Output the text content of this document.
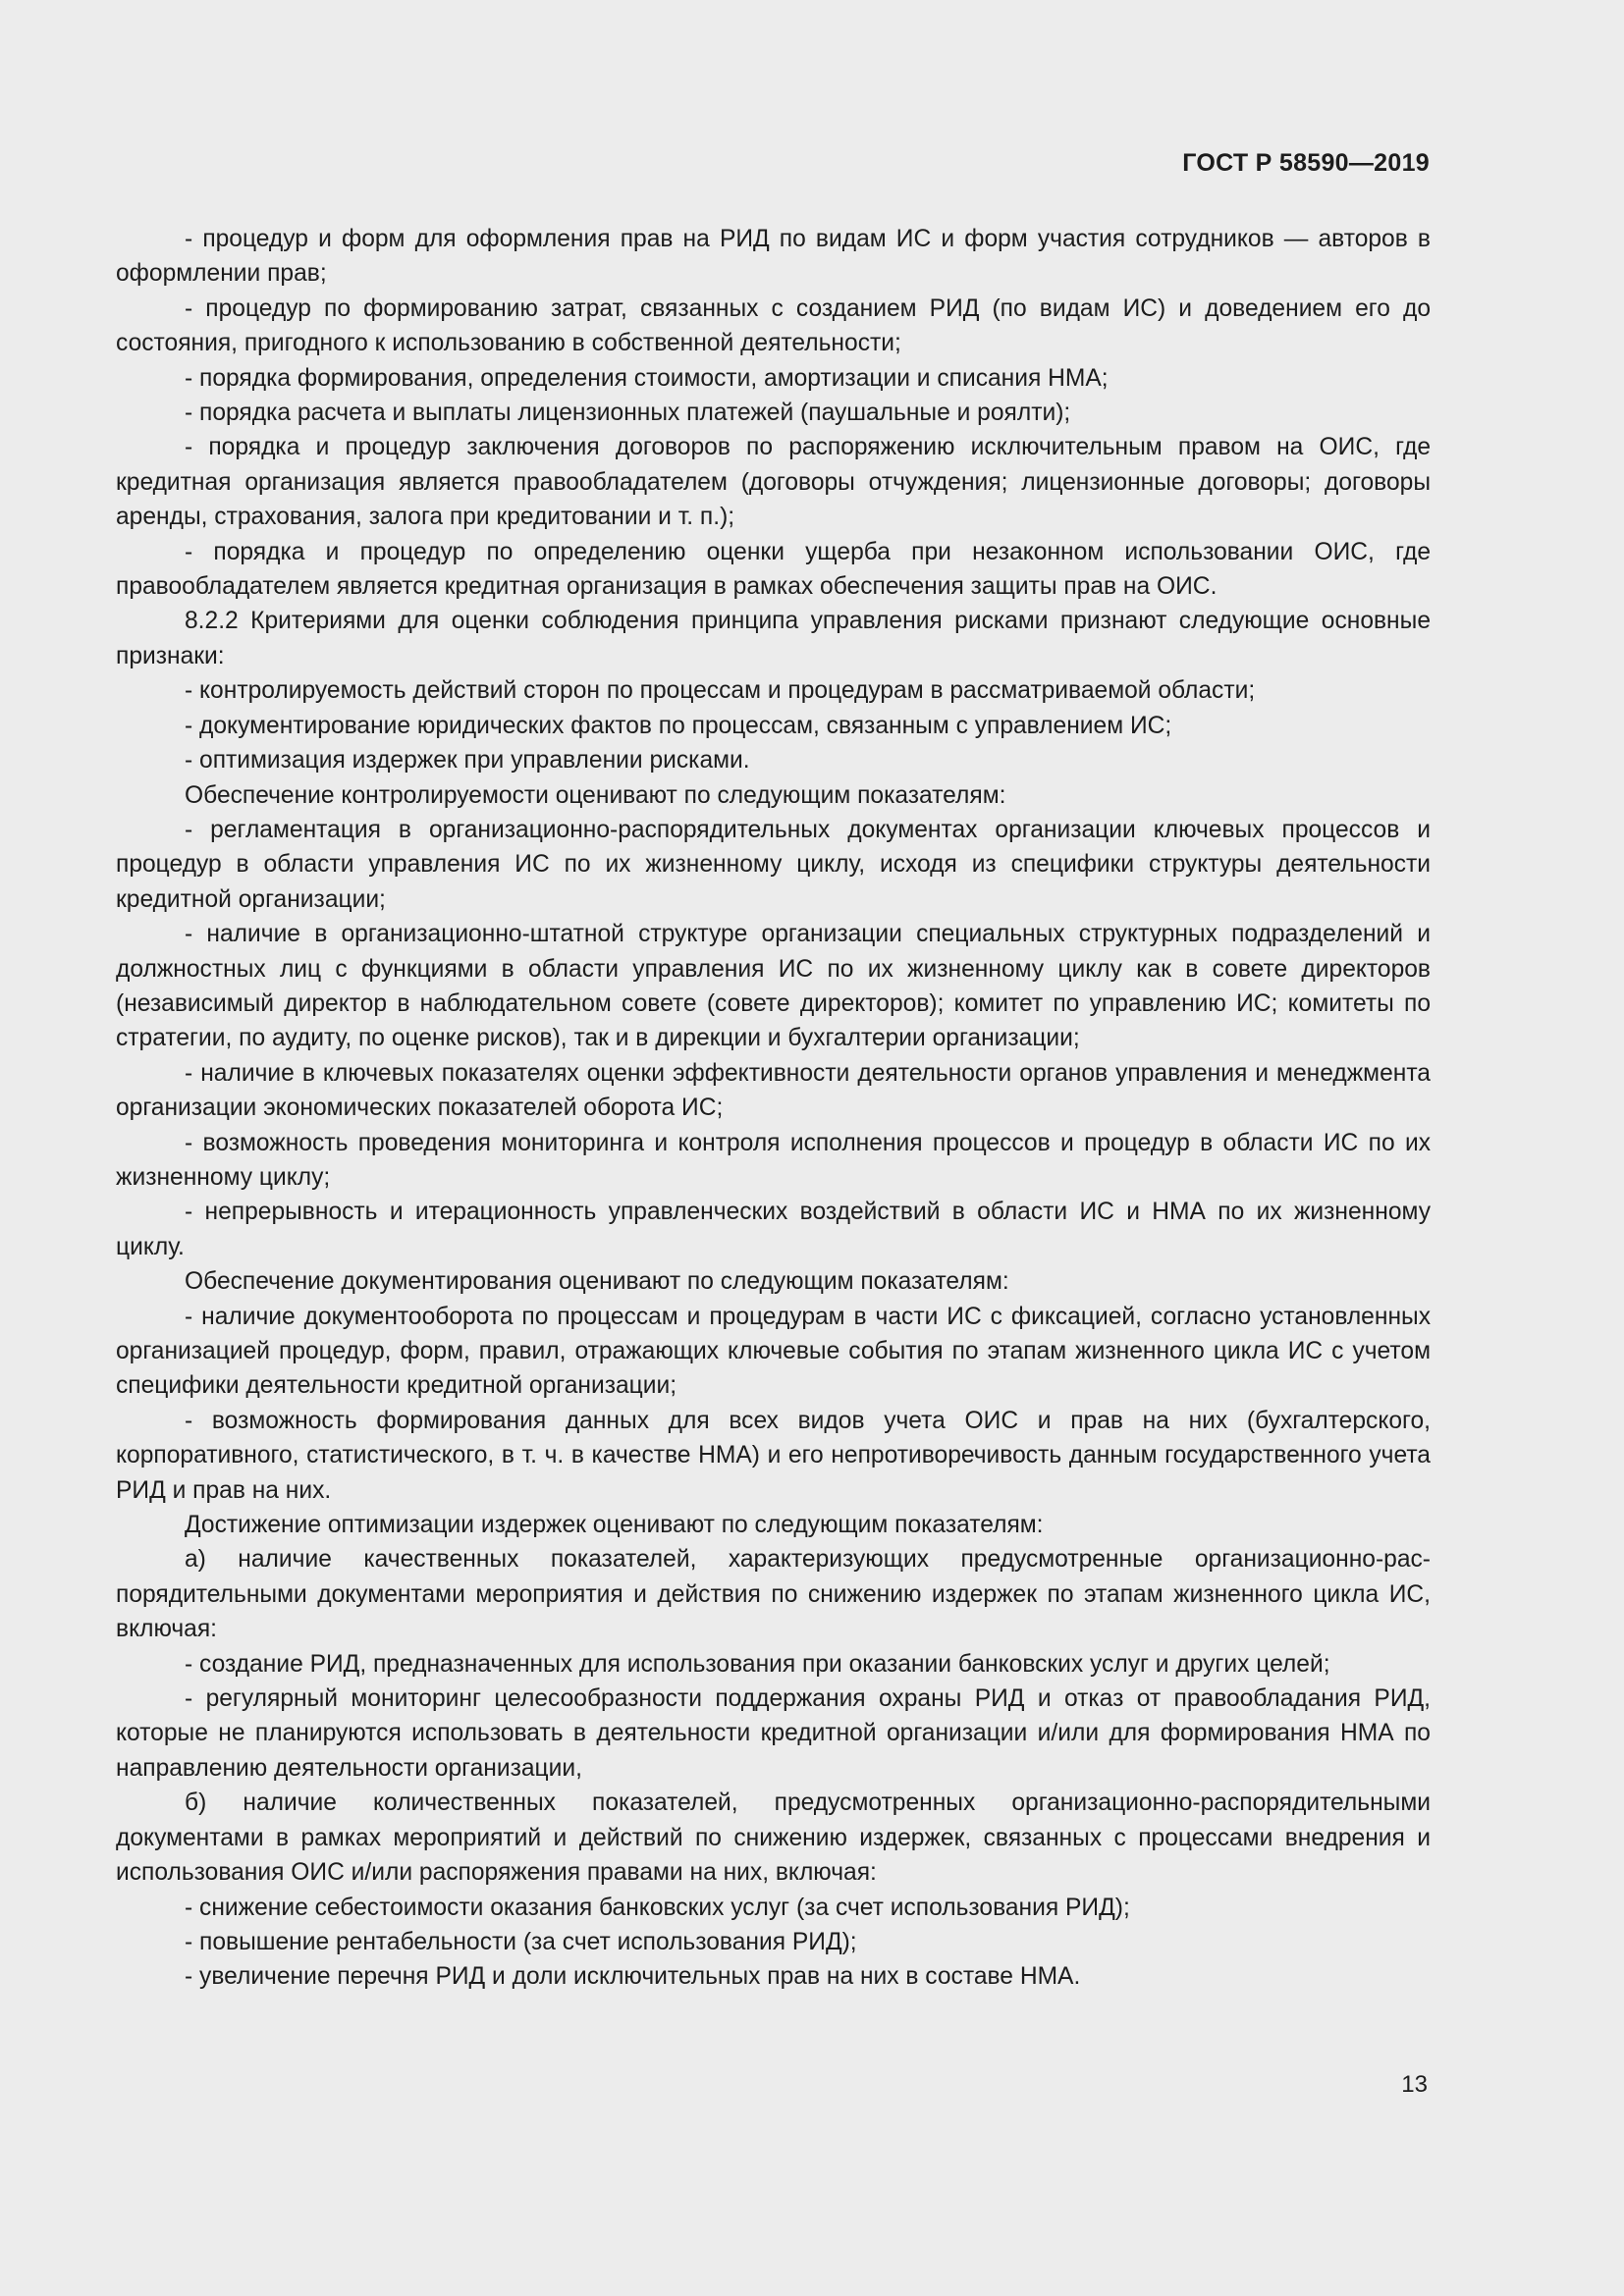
ГОСТ Р 58590—2019

- процедур и форм для оформления прав на РИД по видам ИС и форм участия сотрудников — авторов в оформлении прав;

- процедур по формированию затрат, связанных с созданием РИД (по видам ИС) и доведением его до состояния, пригодного к использованию в собственной деятельности;

- порядка формирования, определения стоимости, амортизации и списания НМА;

- порядка расчета и выплаты лицензионных платежей (паушальные и роялти);

- порядка и процедур заключения договоров по распоряжению исключительным правом на ОИС, где кредитная организация является правообладателем (договоры отчуждения; лицензионные договоры; договоры аренды, страхования, залога при кредитовании и т. п.);

- порядка и процедур по определению оценки ущерба при незаконном использовании ОИС, где правообладателем является кредитная организация в рамках обеспечения защиты прав на ОИС.

8.2.2 Критериями для оценки соблюдения принципа управления рисками признают следующие основные признаки:

- контролируемость действий сторон по процессам и процедурам в рассматриваемой области;

- документирование юридических фактов по процессам, связанным с управлением ИС;

- оптимизация издержек при управлении рисками.

Обеспечение контролируемости оценивают по следующим показателям:

- регламентация в организационно-распорядительных документах организации ключевых процессов и процедур в области управления ИС по их жизненному циклу, исходя из специфики структуры деятельности кредитной организации;

- наличие в организационно-штатной структуре организации специальных структурных подразделений и должностных лиц с функциями в области управления ИС по их жизненному циклу как в совете директоров (независимый директор в наблюдательном совете (совете директоров); комитет по управлению ИС; комитеты по стратегии, по аудиту, по оценке рисков), так и в дирекции и бухгалтерии организации;

- наличие в ключевых показателях оценки эффективности деятельности органов управления и менеджмента организации экономических показателей оборота ИС;

- возможность проведения мониторинга и контроля исполнения процессов и процедур в области ИС по их жизненному циклу;

- непрерывность и итерационность управленческих воздействий в области ИС и НМА по их жизненному циклу.

Обеспечение документирования оценивают по следующим показателям:

- наличие документооборота по процессам и процедурам в части ИС с фиксацией, согласно установленных организацией процедур, форм, правил, отражающих ключевые события по этапам жизненного цикла ИС с учетом специфики деятельности кредитной организации;

- возможность формирования данных для всех видов учета ОИС и прав на них (бухгалтерского, корпоративного, статистического, в т. ч. в качестве НМА) и его непротиворечивость данным государственного учета РИД и прав на них.

Достижение оптимизации издержек оценивают по следующим показателям:

а) наличие качественных показателей, характеризующих предусмотренные организационно-распорядительными документами мероприятия и действия по снижению издержек по этапам жизненного цикла ИС, включая:

- создание РИД, предназначенных для использования при оказании банковских услуг и других целей;

- регулярный мониторинг целесообразности поддержания охраны РИД и отказ от правообладания РИД, которые не планируются использовать в деятельности кредитной организации и/или для формирования НМА по направлению деятельности организации,

б) наличие количественных показателей, предусмотренных организационно-распорядительными документами в рамках мероприятий и действий по снижению издержек, связанных с процессами внедрения и использования ОИС и/или распоряжения правами на них, включая:

- снижение себестоимости оказания банковских услуг (за счет использования РИД);

- повышение рентабельности (за счет использования РИД);

- увеличение перечня РИД и доли исключительных прав на них в составе НМА.

13
